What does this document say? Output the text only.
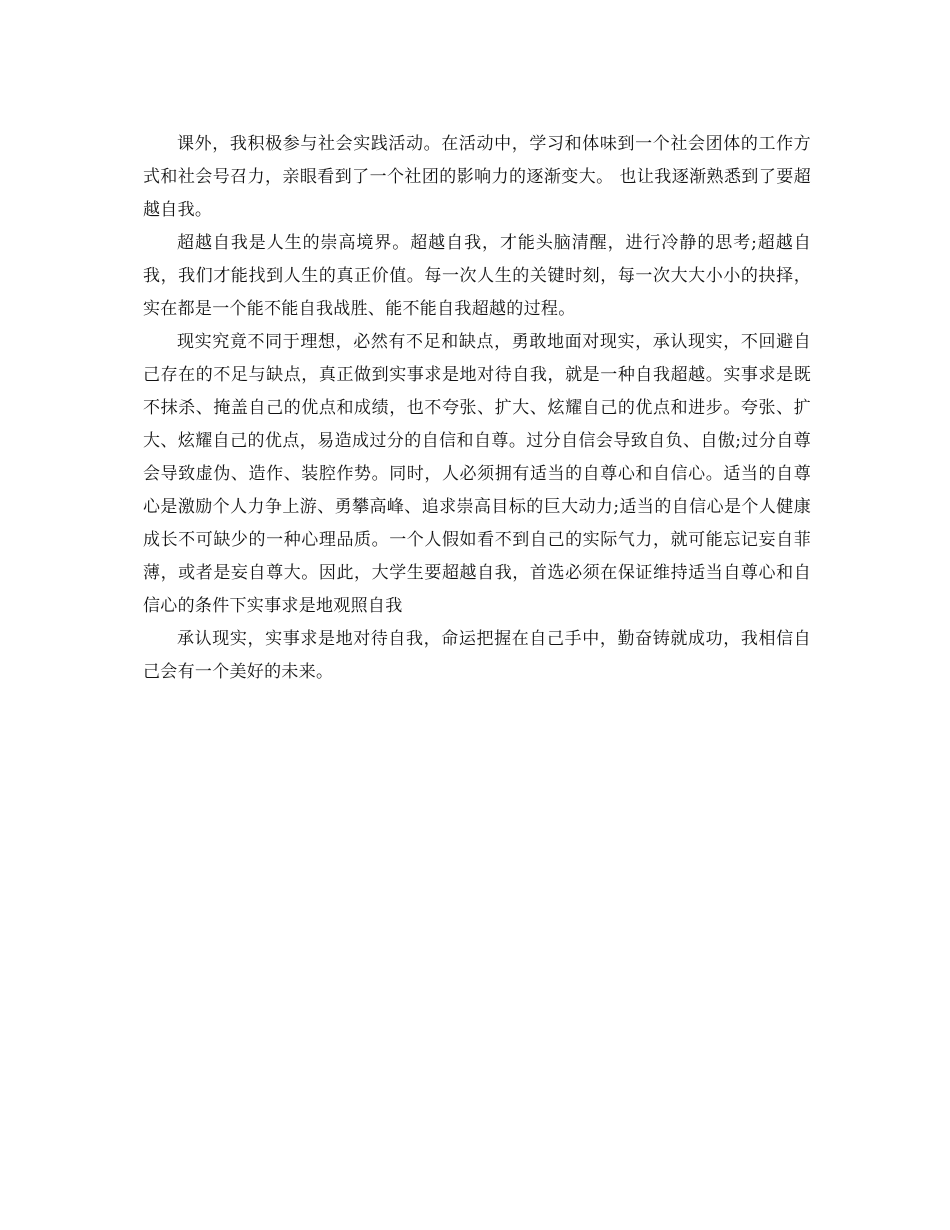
课外，我积极参与社会实践活动。在活动中，学习和体味到一个社会团体的工作方式和社会号召力，亲眼看到了一个社团的影响力的逐渐变大。 也让我逐渐熟悉到了要超越自我。

超越自我是人生的崇高境界。超越自我，才能头脑清醒，进行冷静的思考;超越自我，我们才能找到人生的真正价值。每一次人生的关键时刻，每一次大大小小的抉择，实在都是一个能不能自我战胜、能不能自我超越的过程。

现实究竟不同于理想，必然有不足和缺点，勇敢地面对现实，承认现实，不回避自己存在的不足与缺点，真正做到实事求是地对待自我，就是一种自我超越。实事求是既不抹杀、掩盖自己的优点和成绩，也不夸张、扩大、炫耀自己的优点和进步。夸张、扩大、炫耀自己的优点，易造成过分的自信和自尊。过分自信会导致自负、自傲;过分自尊会导致虚伪、造作、装腔作势。同时，人必须拥有适当的自尊心和自信心。适当的自尊心是激励个人力争上游、勇攀高峰、追求崇高目标的巨大动力;适当的自信心是个人健康成长不可缺少的一种心理品质。一个人假如看不到自己的实际气力，就可能忘记妄自菲薄，或者是妄自尊大。因此，大学生要超越自我，首选必须在保证维持适当自尊心和自信心的条件下实事求是地观照自我

承认现实，实事求是地对待自我，命运把握在自己手中，勤奋铸就成功，我相信自己会有一个美好的未来。
